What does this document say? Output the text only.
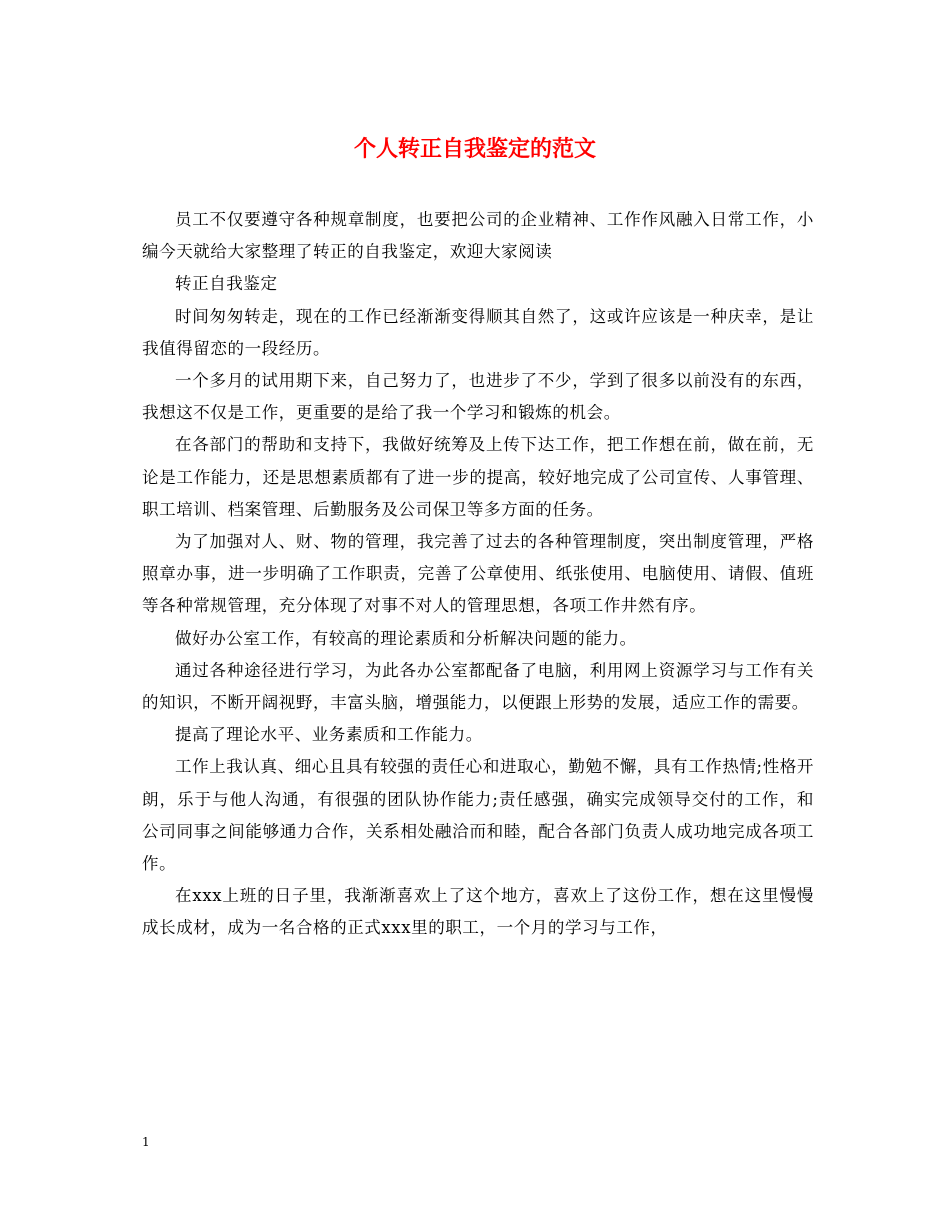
个人转正自我鉴定的范文

员工不仅要遵守各种规章制度，也要把公司的企业精神、工作作风融入日常工作，小编今天就给大家整理了转正的自我鉴定，欢迎大家阅读

转正自我鉴定

时间匆匆转走，现在的工作已经渐渐变得顺其自然了，这或许应该是一种庆幸，是让我值得留恋的一段经历。

一个多月的试用期下来，自己努力了，也进步了不少，学到了很多以前没有的东西，我想这不仅是工作，更重要的是给了我一个学习和锻炼的机会。

在各部门的帮助和支持下，我做好统筹及上传下达工作，把工作想在前，做在前，无论是工作能力，还是思想素质都有了进一步的提高，较好地完成了公司宣传、人事管理、职工培训、档案管理、后勤服务及公司保卫等多方面的任务。

为了加强对人、财、物的管理，我完善了过去的各种管理制度，突出制度管理，严格照章办事，进一步明确了工作职责，完善了公章使用、纸张使用、电脑使用、请假、值班等各种常规管理，充分体现了对事不对人的管理思想，各项工作井然有序。

做好办公室工作，有较高的理论素质和分析解决问题的能力。

通过各种途径进行学习，为此各办公室都配备了电脑，利用网上资源学习与工作有关的知识，不断开阔视野，丰富头脑，增强能力，以便跟上形势的发展，适应工作的需要。

提高了理论水平、业务素质和工作能力。

工作上我认真、细心且具有较强的责任心和进取心，勤勉不懈，具有工作热情;性格开朗，乐于与他人沟通，有很强的团队协作能力;责任感强，确实完成领导交付的工作，和公司同事之间能够通力合作，关系相处融洽而和睦，配合各部门负责人成功地完成各项工作。

在xxx上班的日子里，我渐渐喜欢上了这个地方，喜欢上了这份工作，想在这里慢慢成长成材，成为一名合格的正式xxx里的职工，一个月的学习与工作，

1
